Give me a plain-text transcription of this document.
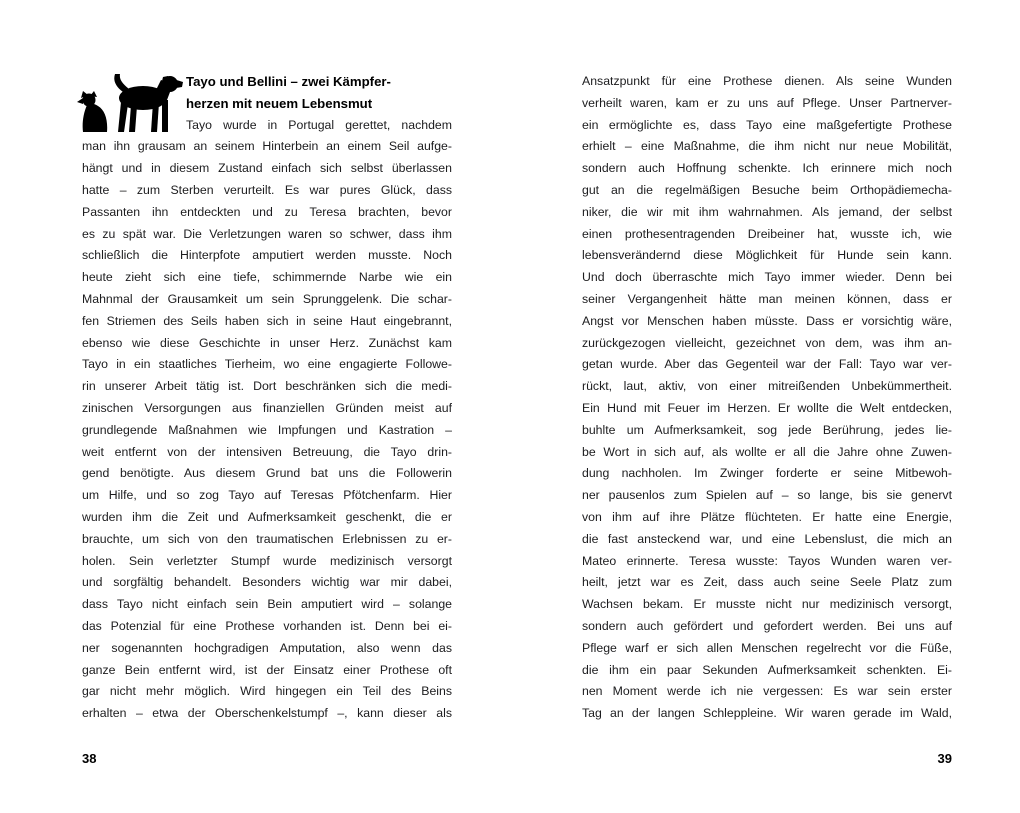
Tayo und Bellini – zwei Kämpfer-
herzen mit neuem Lebensmut
Tayo wurde in Portugal gerettet, nachdem
man ihn grausam an seinem Hinterbein an einem Seil aufge-
hängt und in diesem Zustand einfach sich selbst überlassen
hatte – zum Sterben verurteilt. Es war pures Glück, dass
Passanten ihn entdeckten und zu Teresa brachten, bevor
es zu spät war. Die Verletzungen waren so schwer, dass ihm
schließlich die Hinterpfote amputiert werden musste. Noch
heute zieht sich eine tiefe, schimmernde Narbe wie ein
Mahnmal der Grausamkeit um sein Sprunggelenk. Die schar-
fen Striemen des Seils haben sich in seine Haut eingebrannt,
ebenso wie diese Geschichte in unser Herz. Zunächst kam
Tayo in ein staatliches Tierheim, wo eine engagierte Followe-
rin unserer Arbeit tätig ist. Dort beschränken sich die medi-
zinischen Versorgungen aus finanziellen Gründen meist auf
grundlegende Maßnahmen wie Impfungen und Kastration –
weit entfernt von der intensiven Betreuung, die Tayo drin-
gend benötigte. Aus diesem Grund bat uns die Followerin
um Hilfe, und so zog Tayo auf Teresas Pfötchenfarm. Hier
wurden ihm die Zeit und Aufmerksamkeit geschenkt, die er
brauchte, um sich von den traumatischen Erlebnissen zu er-
holen. Sein verletzter Stumpf wurde medizinisch versorgt
und sorgfältig behandelt. Besonders wichtig war mir dabei,
dass Tayo nicht einfach sein Bein amputiert wird – solange
das Potenzial für eine Prothese vorhanden ist. Denn bei ei-
ner sogenannten hochgradigen Amputation, also wenn das
ganze Bein entfernt wird, ist der Einsatz einer Prothese oft
gar nicht mehr möglich. Wird hingegen ein Teil des Beins
erhalten – etwa der Oberschenkelstumpf –, kann dieser als
Ansatzpunkt für eine Prothese dienen. Als seine Wunden
verheilt waren, kam er zu uns auf Pflege. Unser Partnerver-
ein ermöglichte es, dass Tayo eine maßgefertigte Prothese
erhielt – eine Maßnahme, die ihm nicht nur neue Mobilität,
sondern auch Hoffnung schenkte. Ich erinnere mich noch
gut an die regelmäßigen Besuche beim Orthopädiemecha-
niker, die wir mit ihm wahrnahmen. Als jemand, der selbst
einen prothesentragenden Dreibeiner hat, wusste ich, wie
lebensverändernd diese Möglichkeit für Hunde sein kann.
Und doch überraschte mich Tayo immer wieder. Denn bei
seiner Vergangenheit hätte man meinen können, dass er
Angst vor Menschen haben müsste. Dass er vorsichtig wäre,
zurückgezogen vielleicht, gezeichnet von dem, was ihm an-
getan wurde. Aber das Gegenteil war der Fall: Tayo war ver-
rückt, laut, aktiv, von einer mitreißenden Unbekümmertheit.
Ein Hund mit Feuer im Herzen. Er wollte die Welt entdecken,
buhlte um Aufmerksamkeit, sog jede Berührung, jedes lie-
be Wort in sich auf, als wollte er all die Jahre ohne Zuwen-
dung nachholen. Im Zwinger forderte er seine Mitbewoh-
ner pausenlos zum Spielen auf – so lange, bis sie genervt
von ihm auf ihre Plätze flüchteten. Er hatte eine Energie,
die fast ansteckend war, und eine Lebenslust, die mich an
Mateo erinnerte. Teresa wusste: Tayos Wunden waren ver-
heilt, jetzt war es Zeit, dass auch seine Seele Platz zum
Wachsen bekam. Er musste nicht nur medizinisch versorgt,
sondern auch gefördert und gefordert werden. Bei uns auf
Pflege warf er sich allen Menschen regelrecht vor die Füße,
die ihm ein paar Sekunden Aufmerksamkeit schenkten. Ei-
nen Moment werde ich nie vergessen: Es war sein erster
Tag an der langen Schleppleine. Wir waren gerade im Wald,
38	39
